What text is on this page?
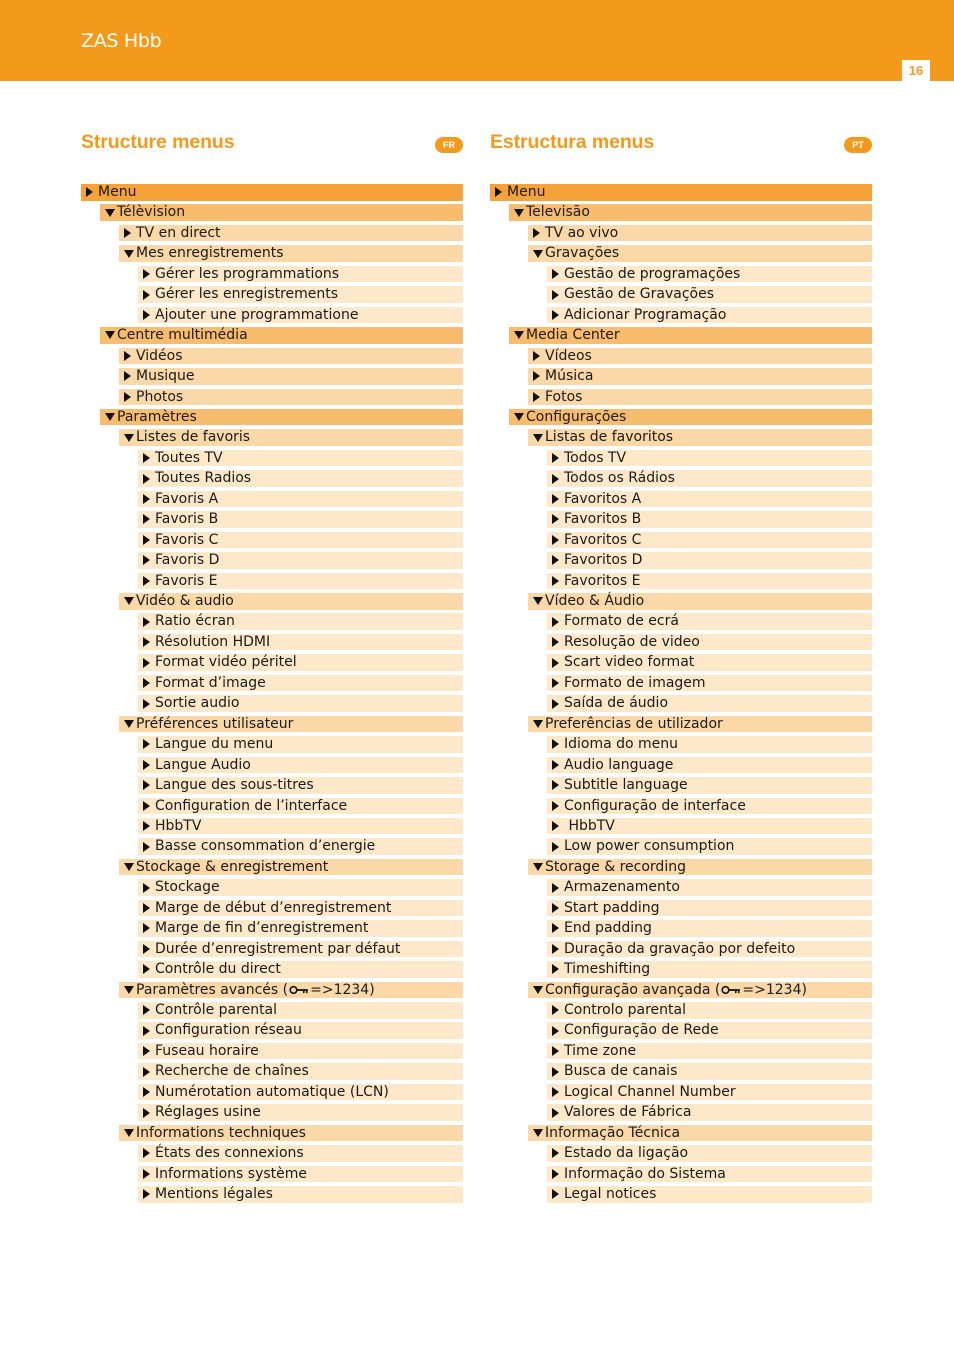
ZAS Hbb
16
Structure menus	FR
Menu
Télèvision
TV en direct
Mes enregistrements
Gérer les programmations
Gérer les enregistrements
Ajouter une programmatione
Centre multimédia
Vidéos
Musique
Photos
Paramètres
Listes de favoris
Toutes TV
Toutes Radios
Favoris A
Favoris B
Favoris C
Favoris D
Favoris E
Vidéo & audio
Ratio écran
Résolution HDMI
Format vidéo péritel
Format d’image
Sortie audio
Préférences utilisateur
Langue du menu
Langue Audio
Langue des sous-titres
Configuration de l’interface
HbbTV
Basse consommation d’energie
Stockage & enregistrement
Stockage
Marge de début d’enregistrement
Marge de fin d’enregistrement
Durée d’enregistrement par défaut
Contrôle du direct
Paramètres avancés ( =>1234)
Contrôle parental
Configuration réseau
Fuseau horaire
Recherche de chaînes
Numérotation automatique (LCN)
Réglages usine
Informations techniques
États des connexions
Informations système
Mentions légales
Estructura menus	PT
Menu
Televisão
TV ao vivo
Gravações
Gestão de programações
Gestão de Gravações
Adicionar Programação
Media Center
Vídeos
Música
Fotos
Configurações
Listas de favoritos
Todos TV
Todos os Rádios
Favoritos A
Favoritos B
Favoritos C
Favoritos D
Favoritos E
Vídeo & Áudio
Formato de ecrá
Resolução de video
Scart video format
Formato de imagem
Saída de áudio
Preferências de utilizador
Idioma do menu
Audio language
Subtitle language
Configuração de interface
HbbTV
Low power consumption
Storage & recording
Armazenamento
Start padding
End padding
Duração da gravação por defeito
Timeshifting
Configuração avançada ( =>1234)
Controlo parental
Configuração de Rede
Time zone
Busca de canais
Logical Channel Number
Valores de Fábrica
Informação Técnica
Estado da ligação
Informação do Sistema
Legal notices
